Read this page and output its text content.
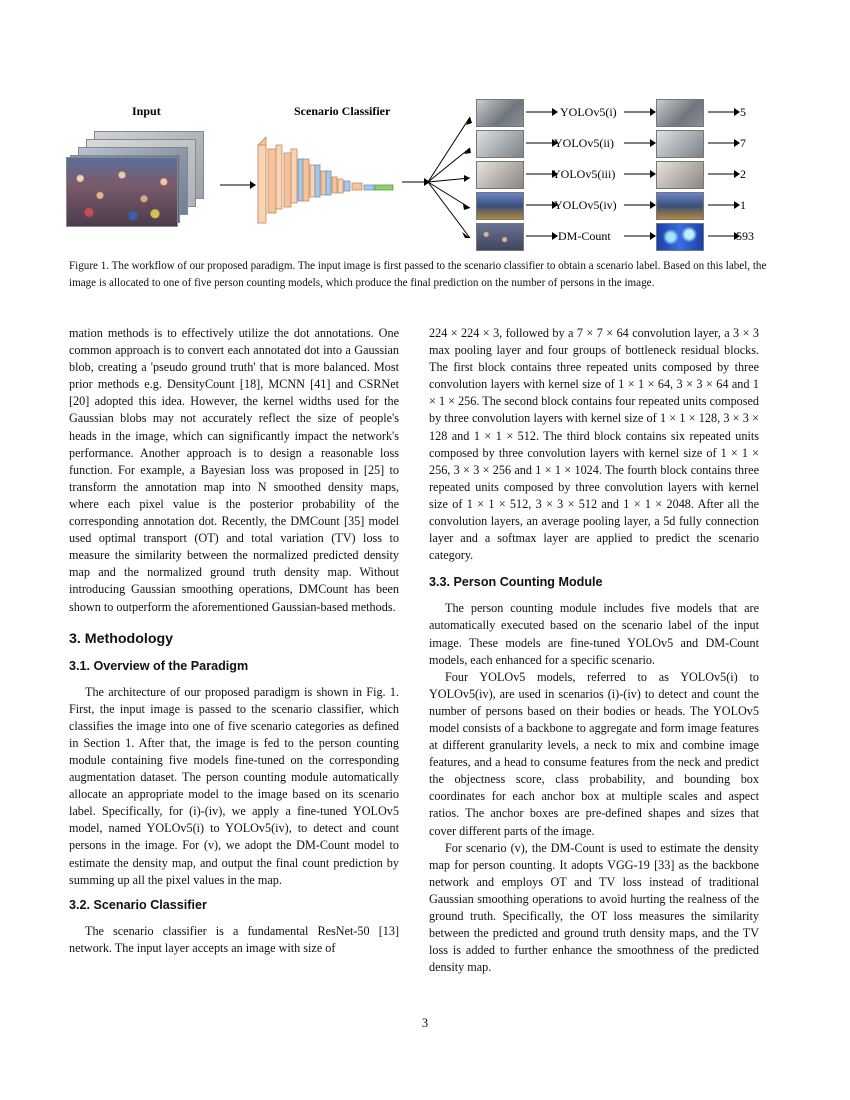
Input	Scenario Classifier	YOLOv5(i)	5
YOLOv5(ii)	7
YOLOv5(iii)	2
YOLOv5(iv)	1
DM-Count	593
Figure 1. The workflow of our proposed paradigm. The input image is first passed to the scenario classifier to obtain a scenario label. Based on this label, the image is allocated to one of five person counting models, which produce the final prediction on the number of persons in the image.

mation methods is to effectively utilize the dot annotations. One common approach is to convert each annotated dot into a Gaussian blob, creating a 'pseudo ground truth' that is more balanced. Most prior methods e.g. DensityCount [18], MCNN [41] and CSRNet [20] adopted this idea. However, the kernel widths used for the Gaussian blobs may not accurately reflect the size of people's heads in the image, which can significantly impact the network's performance. Another approach is to design a reasonable loss function. For example, a Bayesian loss was proposed in [25] to transform the annotation map into N smoothed density maps, where each pixel value is the posterior probability of the corresponding annotation dot. Recently, the DMCount [35] model used optimal transport (OT) and total variation (TV) loss to measure the similarity between the normalized predicted density map and the normalized ground truth density map. Without introducing Gaussian smoothing operations, DMCount has been shown to outperform the aforementioned Gaussian-based methods.

3. Methodology
3.1. Overview of the Paradigm

The architecture of our proposed paradigm is shown in Fig. 1. First, the input image is passed to the scenario classifier, which classifies the image into one of five scenario categories as defined in Section 1. After that, the image is fed to the person counting module containing five models fine-tuned on the corresponding augmentation dataset. The person counting module automatically allocate an appropriate model to the image based on its scenario label. Specifically, for (i)-(iv), we apply a fine-tuned YOLOv5 model, named YOLOv5(i) to YOLOv5(iv), to detect and count persons in the image. For (v), we adopt the DM-Count model to estimate the density map, and output the final count prediction by summing up all the pixel values in the map.

3.2. Scenario Classifier

The scenario classifier is a fundamental ResNet-50 [13] network. The input layer accepts an image with size of

224 × 224 × 3, followed by a 7 × 7 × 64 convolution layer, a 3 × 3 max pooling layer and four groups of bottleneck residual blocks. The first block contains three repeated units composed by three convolution layers with kernel size of 1 × 1 × 64, 3 × 3 × 64 and 1 × 1 × 256. The second block contains four repeated units composed by three convolution layers with kernel size of 1 × 1 × 128, 3 × 3 × 128 and 1 × 1 × 512. The third block contains six repeated units composed by three convolution layers with kernel size of 1 × 1 × 256, 3 × 3 × 256 and 1 × 1 × 1024. The fourth block contains three repeated units composed by three convolution layers with kernel size of 1 × 1 × 512, 3 × 3 × 512 and 1 × 1 × 2048. After all the convolution layers, an average pooling layer, a 5d fully connection layer and a softmax layer are applied to predict the scenario category.

3.3. Person Counting Module

The person counting module includes five models that are automatically executed based on the scenario label of the input image. These models are fine-tuned YOLOv5 and DM-Count models, each enhanced for a specific scenario.

Four YOLOv5 models, referred to as YOLOv5(i) to YOLOv5(iv), are used in scenarios (i)-(iv) to detect and count the number of persons based on their bodies or heads. The YOLOv5 model consists of a backbone to aggregate and form image features at different granularity levels, a neck to mix and combine image features, and a head to consume features from the neck and predict the objectness score, class probability, and bounding box coordinates for each anchor box at multiple scales and aspect ratios. The anchor boxes are pre-defined shapes and sizes that cover different parts of the image.

For scenario (v), the DM-Count is used to estimate the density map for person counting. It adopts VGG-19 [33] as the backbone network and employs OT and TV loss instead of traditional Gaussian smoothing operations to avoid hurting the realness of the ground truth. Specifically, the OT loss measures the similarity between the predicted and ground truth density maps, and the TV loss is added to further enhance the smoothness of the predicted density map.

3
